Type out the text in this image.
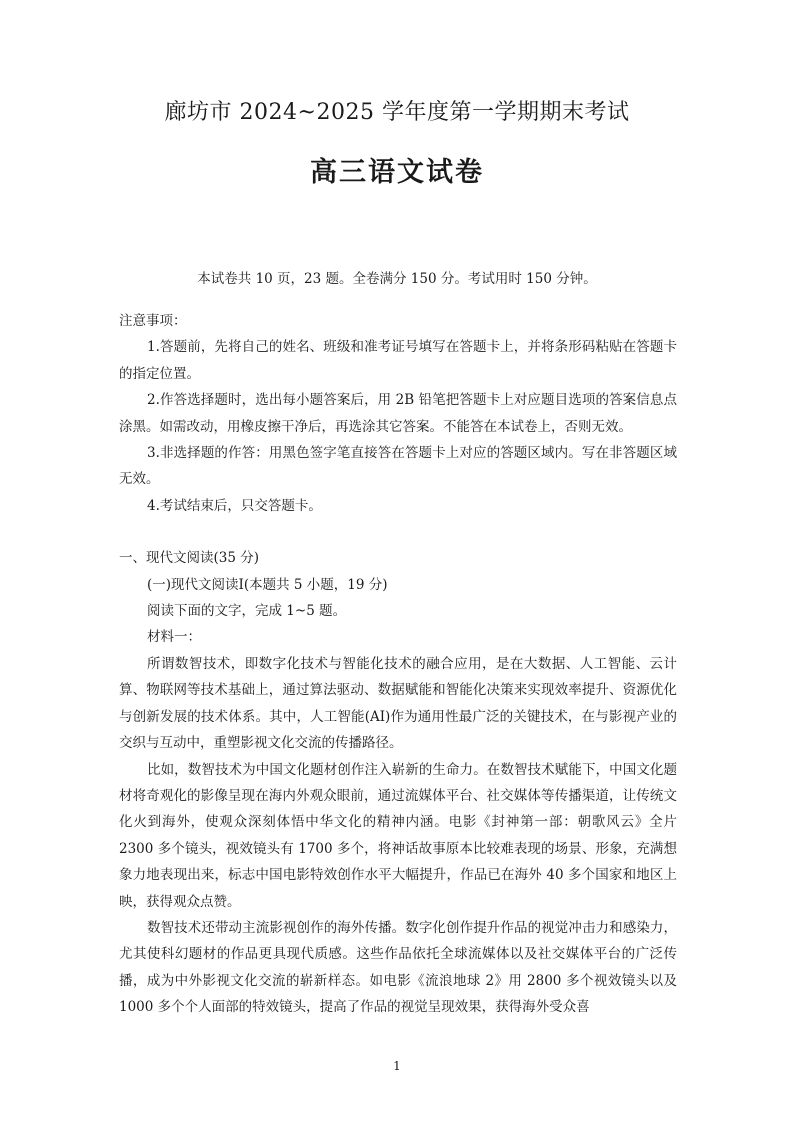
廊坊市 2024~2025 学年度第一学期期末考试
高三语文试卷
本试卷共 10 页，23 题。全卷满分 150 分。考试用时 150 分钟。

注意事项：

1.答题前，先将自己的姓名、班级和准考证号填写在答题卡上，并将条形码粘贴在答题卡的指定位置。

2.作答选择题时，选出每小题答案后，用 2B 铅笔把答题卡上对应题目选项的答案信息点涂黑。如需改动，用橡皮擦干净后，再选涂其它答案。不能答在本试卷上，否则无效。

3.非选择题的作答：用黑色签字笔直接答在答题卡上对应的答题区域内。写在非答题区域无效。

4.考试结束后，只交答题卡。

一、现代文阅读(35 分)

(一)现代文阅读Ⅰ(本题共 5 小题，19 分)

阅读下面的文字，完成 1~5 题。

材料一：

所谓数智技术，即数字化技术与智能化技术的融合应用，是在大数据、人工智能、云计算、物联网等技术基础上，通过算法驱动、数据赋能和智能化决策来实现效率提升、资源优化与创新发展的技术体系。其中，人工智能(AI)作为通用性最广泛的关键技术，在与影视产业的交织与互动中，重塑影视文化交流的传播路径。

比如，数智技术为中国文化题材创作注入崭新的生命力。在数智技术赋能下，中国文化题材将奇观化的影像呈现在海内外观众眼前，通过流媒体平台、社交媒体等传播渠道，让传统文化火到海外，使观众深刻体悟中华文化的精神内涵。电影《封神第一部：朝歌风云》全片 2300 多个镜头，视效镜头有 1700 多个，将神话故事原本比较难表现的场景、形象，充满想象力地表现出来，标志中国电影特效创作水平大幅提升，作品已在海外 40 多个国家和地区上映，获得观众点赞。

数智技术还带动主流影视创作的海外传播。数字化创作提升作品的视觉冲击力和感染力，尤其使科幻题材的作品更具现代质感。这些作品依托全球流媒体以及社交媒体平台的广泛传播，成为中外影视文化交流的崭新样态。如电影《流浪地球 2》用 2800 多个视效镜头以及 1000 多个个人面部的特效镜头，提高了作品的视觉呈现效果，获得海外受众喜

1
